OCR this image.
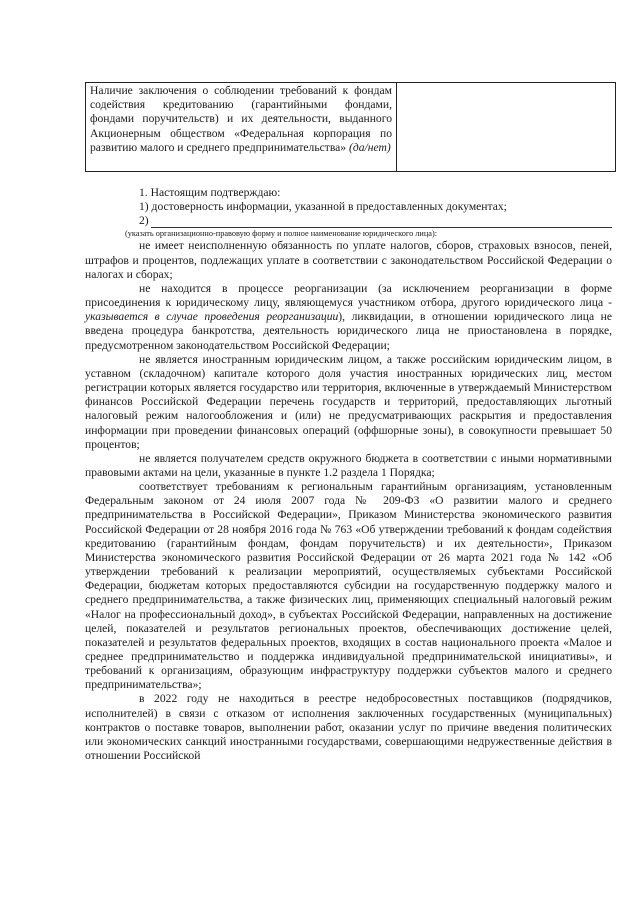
Наличие заключения о соблюдении требований к фондам содействия кредитованию (гарантийными фондами, фондами поручительств) и их деятельности, выданного Акционерным обществом «Федеральная корпорация по развитию малого и среднего предпринимательства» (да/нет)	

1. Настоящим подтверждаю:

1) достоверность информации, указанной в предоставленных документах;

2)

(указать организационно-правовую форму и полное наименование юридического лица):

не имеет неисполненную обязанность по уплате налогов, сборов, страховых взносов, пеней, штрафов и процентов, подлежащих уплате в соответствии с законодательством Российской Федерации о налогах и сборах;

не находится в процессе реорганизации (за исключением реорганизации в форме присоединения к юридическому лицу, являющемуся участником отбора, другого юридического лица - указывается в случае проведения реорганизации), ликвидации, в отношении юридического лица не введена процедура банкротства, деятельность юридического лица не приостановлена в порядке, предусмотренном законодательством Российской Федерации;

не является иностранным юридическим лицом, а также российским юридическим лицом, в уставном (складочном) капитале которого доля участия иностранных юридических лиц, местом регистрации которых является государство или территория, включенные в утверждаемый Министерством финансов Российской Федерации перечень государств и территорий, предоставляющих льготный налоговый режим налогообложения и (или) не предусматривающих раскрытия и предоставления информации при проведении финансовых операций (оффшорные зоны), в совокупности превышает 50 процентов;

не является получателем средств окружного бюджета в соответствии с иными нормативными правовыми актами на цели, указанные в пункте 1.2 раздела 1 Порядка;

соответствует требованиям к региональным гарантийным организациям, установленным Федеральным законом от 24 июля 2007 года № 209-ФЗ «О развитии малого и среднего предпринимательства в Российской Федерации», Приказом Министерства экономического развития Российской Федерации от 28 ноября 2016 года № 763 «Об утверждении требований к фондам содействия кредитованию (гарантийным фондам, фондам поручительств) и их деятельности», Приказом Министерства экономического развития Российской Федерации от 26 марта 2021 года № 142 «Об утверждении требований к реализации мероприятий, осуществляемых субъектами Российской Федерации, бюджетам которых предоставляются субсидии на государственную поддержку малого и среднего предпринимательства, а также физических лиц, применяющих специальный налоговый режим «Налог на профессиональный доход», в субъектах Российской Федерации, направленных на достижение целей, показателей и результатов региональных проектов, обеспечивающих достижение целей, показателей и результатов федеральных проектов, входящих в состав национального проекта «Малое и среднее предпринимательство и поддержка индивидуальной предпринимательской инициативы», и требований к организациям, образующим инфраструктуру поддержки субъектов малого и среднего предпринимательства»;

в 2022 году не находиться в реестре недобросовестных поставщиков (подрядчиков, исполнителей) в связи с отказом от исполнения заключенных государственных (муниципальных) контрактов о поставке товаров, выполнении работ, оказании услуг по причине введения политических или экономических санкций иностранными государствами, совершающими недружественные действия в отношении Российской
